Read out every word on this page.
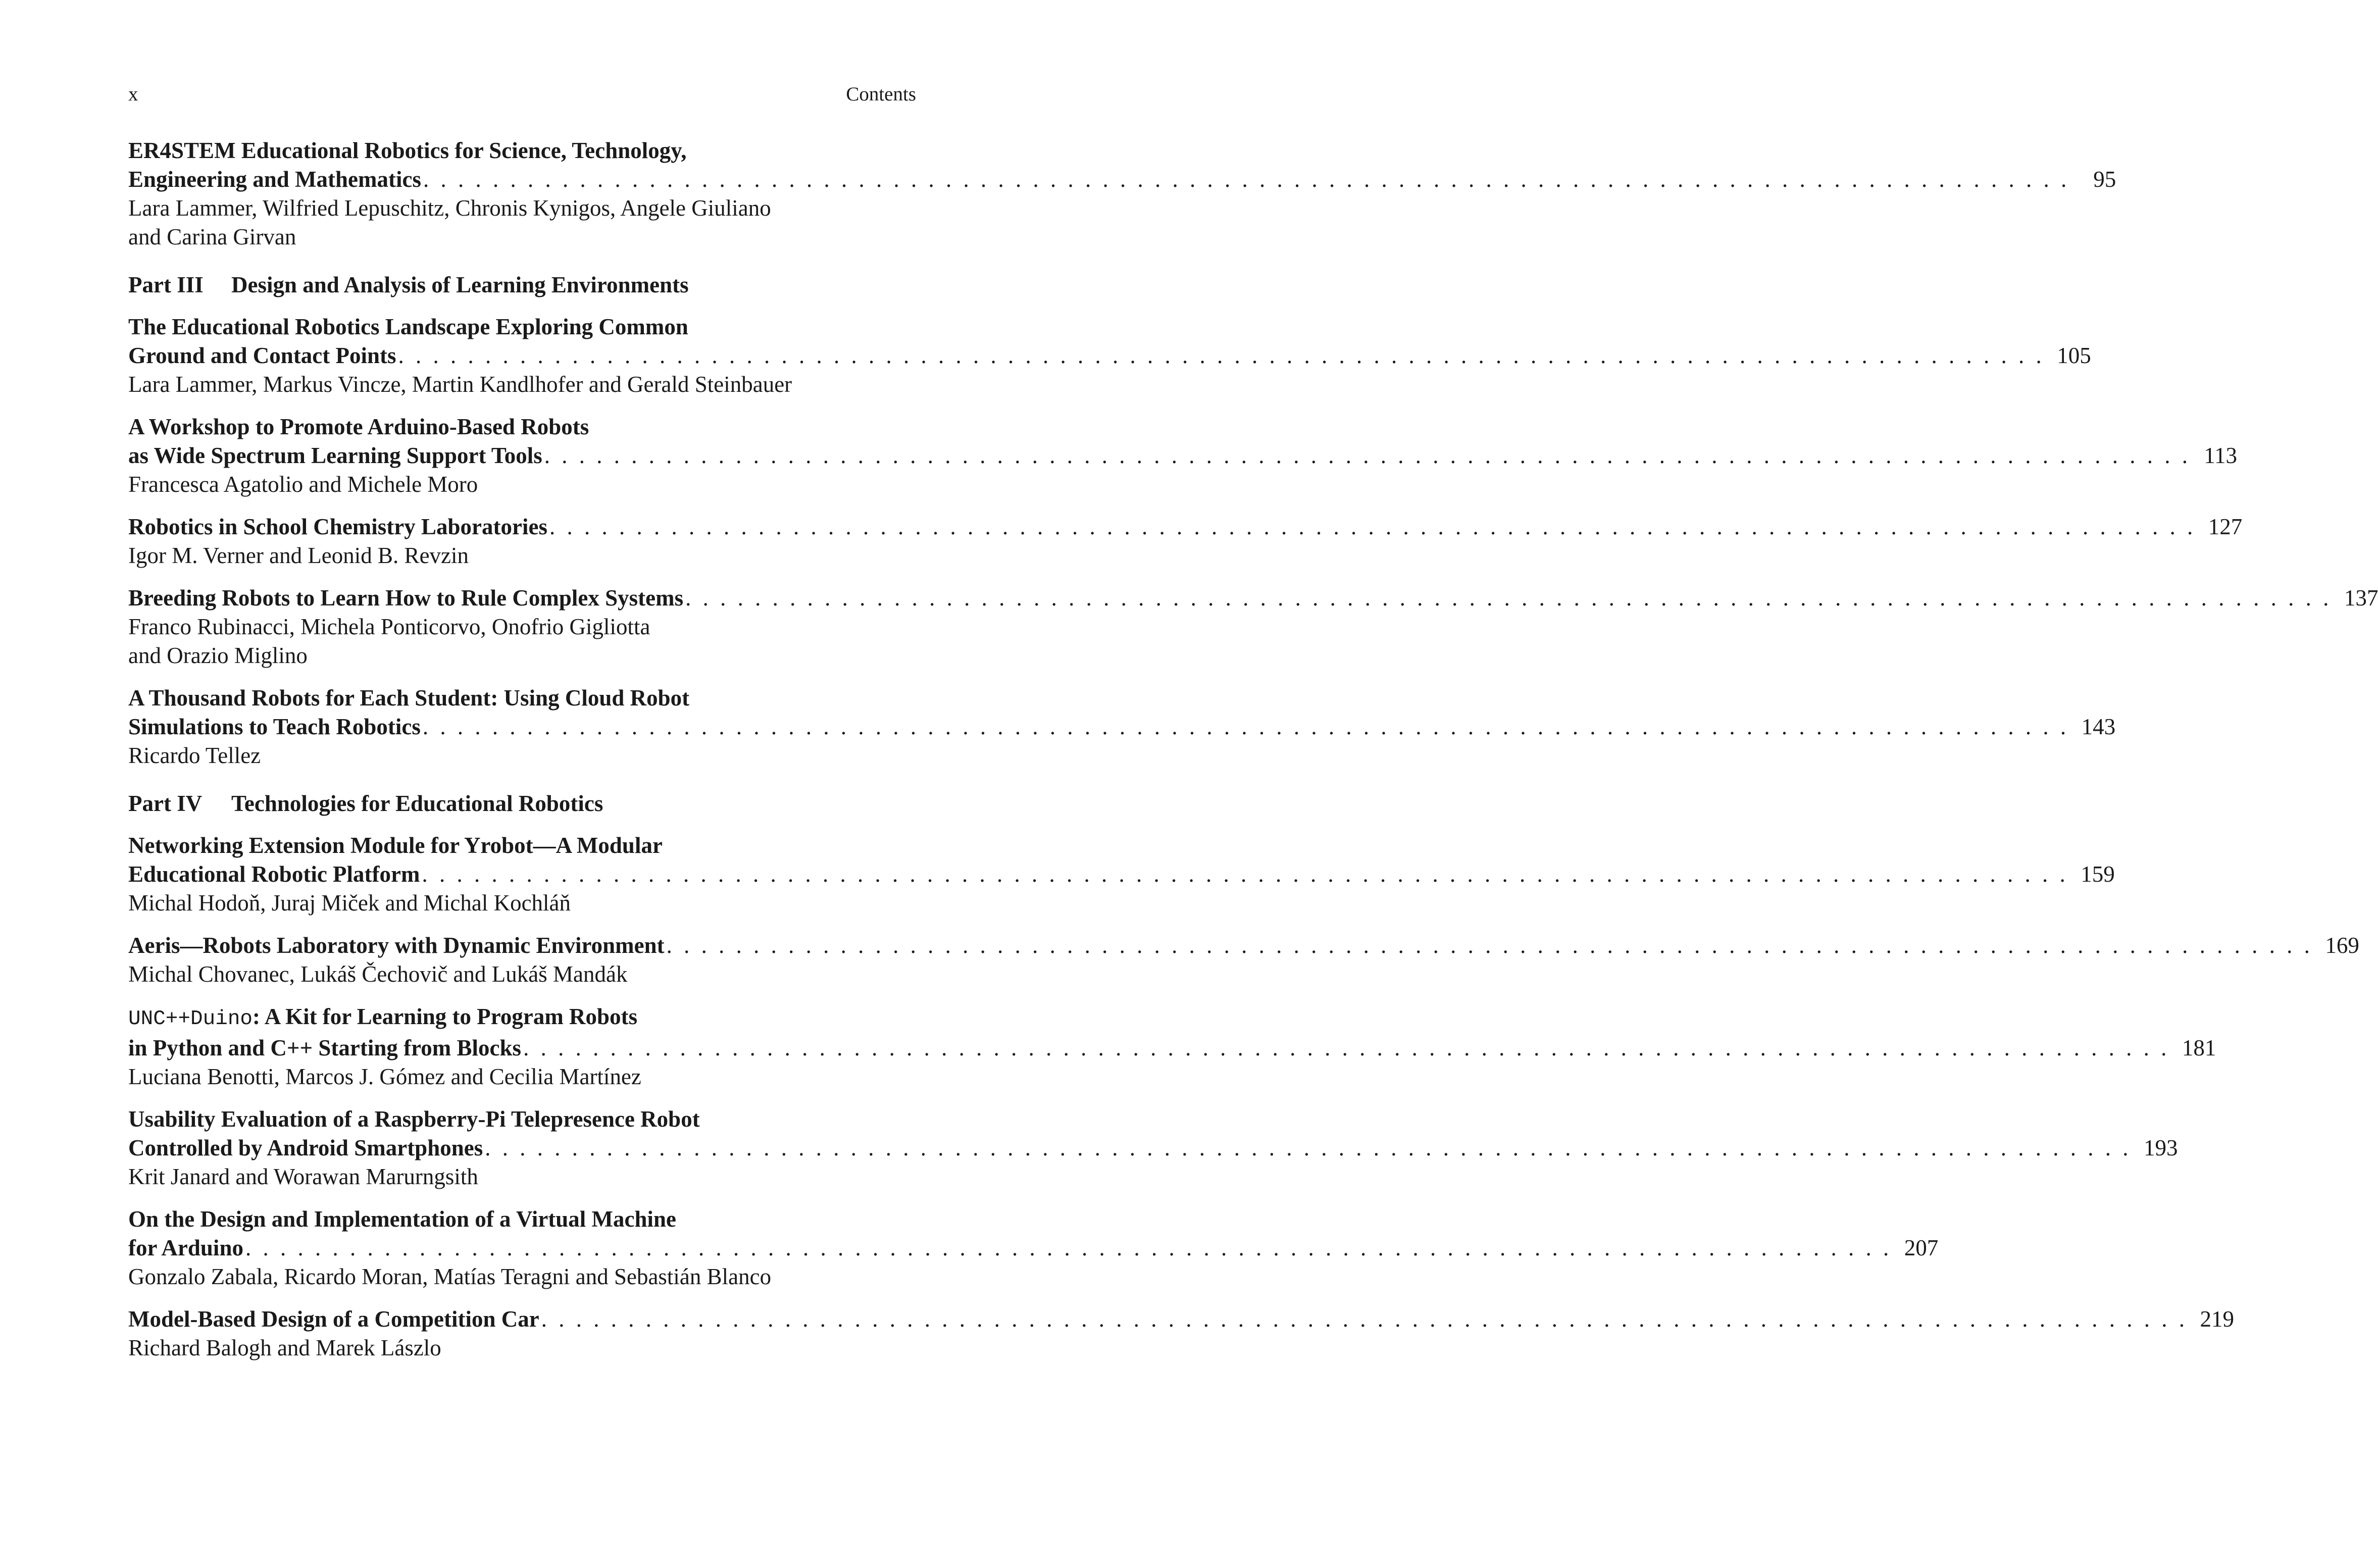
x	Contents
ER4STEM Educational Robotics for Science, Technology,
Engineering and Mathematics . . . . . . . . . . . . . . . . . . . . . . . . . . . . . . . . . . . . . . . . . . . . . . . . . . . . . . . . . . . . . . . . . . . . . . . . . . . . . . . . . . . . . . . . . . . . . . .	95
Lara Lammer, Wilfried Lepuschitz, Chronis Kynigos, Angele Giuliano
and Carina Girvan
Part III	Design and Analysis of Learning Environments
The Educational Robotics Landscape Exploring Common
Ground and Contact Points . . . . . . . . . . . . . . . . . . . . . . . . . . . . . . . . . . . . . . . . . . . . . . . . . . . . . . . . . . . . . . . . . . . . . . . . . . . . . . . . . . . . . . . . . . . . . . . 105
Lara Lammer, Markus Vincze, Martin Kandlhofer and Gerald Steinbauer
A Workshop to Promote Arduino-Based Robots
as Wide Spectrum Learning Support Tools . . . . . . . . . . . . . . . . . . . . . . . . . . . . . . . . . . . . . . . . . . . . . . . . . . . . . . . . . . . . . . . . . . . . . . . . . . . . . . . . . . . . . . . . . . . . . . . 113
Francesca Agatolio and Michele Moro
Robotics in School Chemistry Laboratories . . . . . . . . . . . . . . . . . . . . . . . . . . . . . . . . . . . . . . . . . . . . . . . . . . . . . . . . . . . . . . . . . . . . . . . . . . . . . . . . . . . . . . . . . . . . . . . 127
Igor M. Verner and Leonid B. Revzin
Breeding Robots to Learn How to Rule Complex Systems . . . . . . . . . . . . . . . . . . . . . . . . . . . . . . . . . . . . . . . . . . . . . . . . . . . . . . . . . . . . . . . . . . . . . . . . . . . . . . . . . . . . . . . . . . . . . . . 137
Franco Rubinacci, Michela Ponticorvo, Onofrio Gigliotta
and Orazio Miglino
A Thousand Robots for Each Student: Using Cloud Robot
Simulations to Teach Robotics . . . . . . . . . . . . . . . . . . . . . . . . . . . . . . . . . . . . . . . . . . . . . . . . . . . . . . . . . . . . . . . . . . . . . . . . . . . . . . . . . . . . . . . . . . . . . . . 143
Ricardo Tellez
Part IV	Technologies for Educational Robotics
Networking Extension Module for Yrobot—A Modular
Educational Robotic Platform . . . . . . . . . . . . . . . . . . . . . . . . . . . . . . . . . . . . . . . . . . . . . . . . . . . . . . . . . . . . . . . . . . . . . . . . . . . . . . . . . . . . . . . . . . . . . . . 159
Michal Hodoň, Juraj Miček and Michal Kochláň
Aeris—Robots Laboratory with Dynamic Environment . . . . . . . . . . . . . . . . . . . . . . . . . . . . . . . . . . . . . . . . . . . . . . . . . . . . . . . . . . . . . . . . . . . . . . . . . . . . . . . . . . . . . . . . . . . . . . . 169
Michal Chovanec, Lukáš Čechovič and Lukáš Mandák
UNC++Duino: A Kit for Learning to Program Robots
in Python and C++ Starting from Blocks . . . . . . . . . . . . . . . . . . . . . . . . . . . . . . . . . . . . . . . . . . . . . . . . . . . . . . . . . . . . . . . . . . . . . . . . . . . . . . . . . . . . . . . . . . . . . . . 181
Luciana Benotti, Marcos J. Gómez and Cecilia Martínez
Usability Evaluation of a Raspberry-Pi Telepresence Robot
Controlled by Android Smartphones . . . . . . . . . . . . . . . . . . . . . . . . . . . . . . . . . . . . . . . . . . . . . . . . . . . . . . . . . . . . . . . . . . . . . . . . . . . . . . . . . . . . . . . . . . . . . . . 193
Krit Janard and Worawan Marurngsith
On the Design and Implementation of a Virtual Machine
for Arduino . . . . . . . . . . . . . . . . . . . . . . . . . . . . . . . . . . . . . . . . . . . . . . . . . . . . . . . . . . . . . . . . . . . . . . . . . . . . . . . . . . . . . . . . . . . . . . . 207
Gonzalo Zabala, Ricardo Moran, Matías Teragni and Sebastián Blanco
Model-Based Design of a Competition Car . . . . . . . . . . . . . . . . . . . . . . . . . . . . . . . . . . . . . . . . . . . . . . . . . . . . . . . . . . . . . . . . . . . . . . . . . . . . . . . . . . . . . . . . . . . . . . . 219
Richard Balogh and Marek Lászlo
